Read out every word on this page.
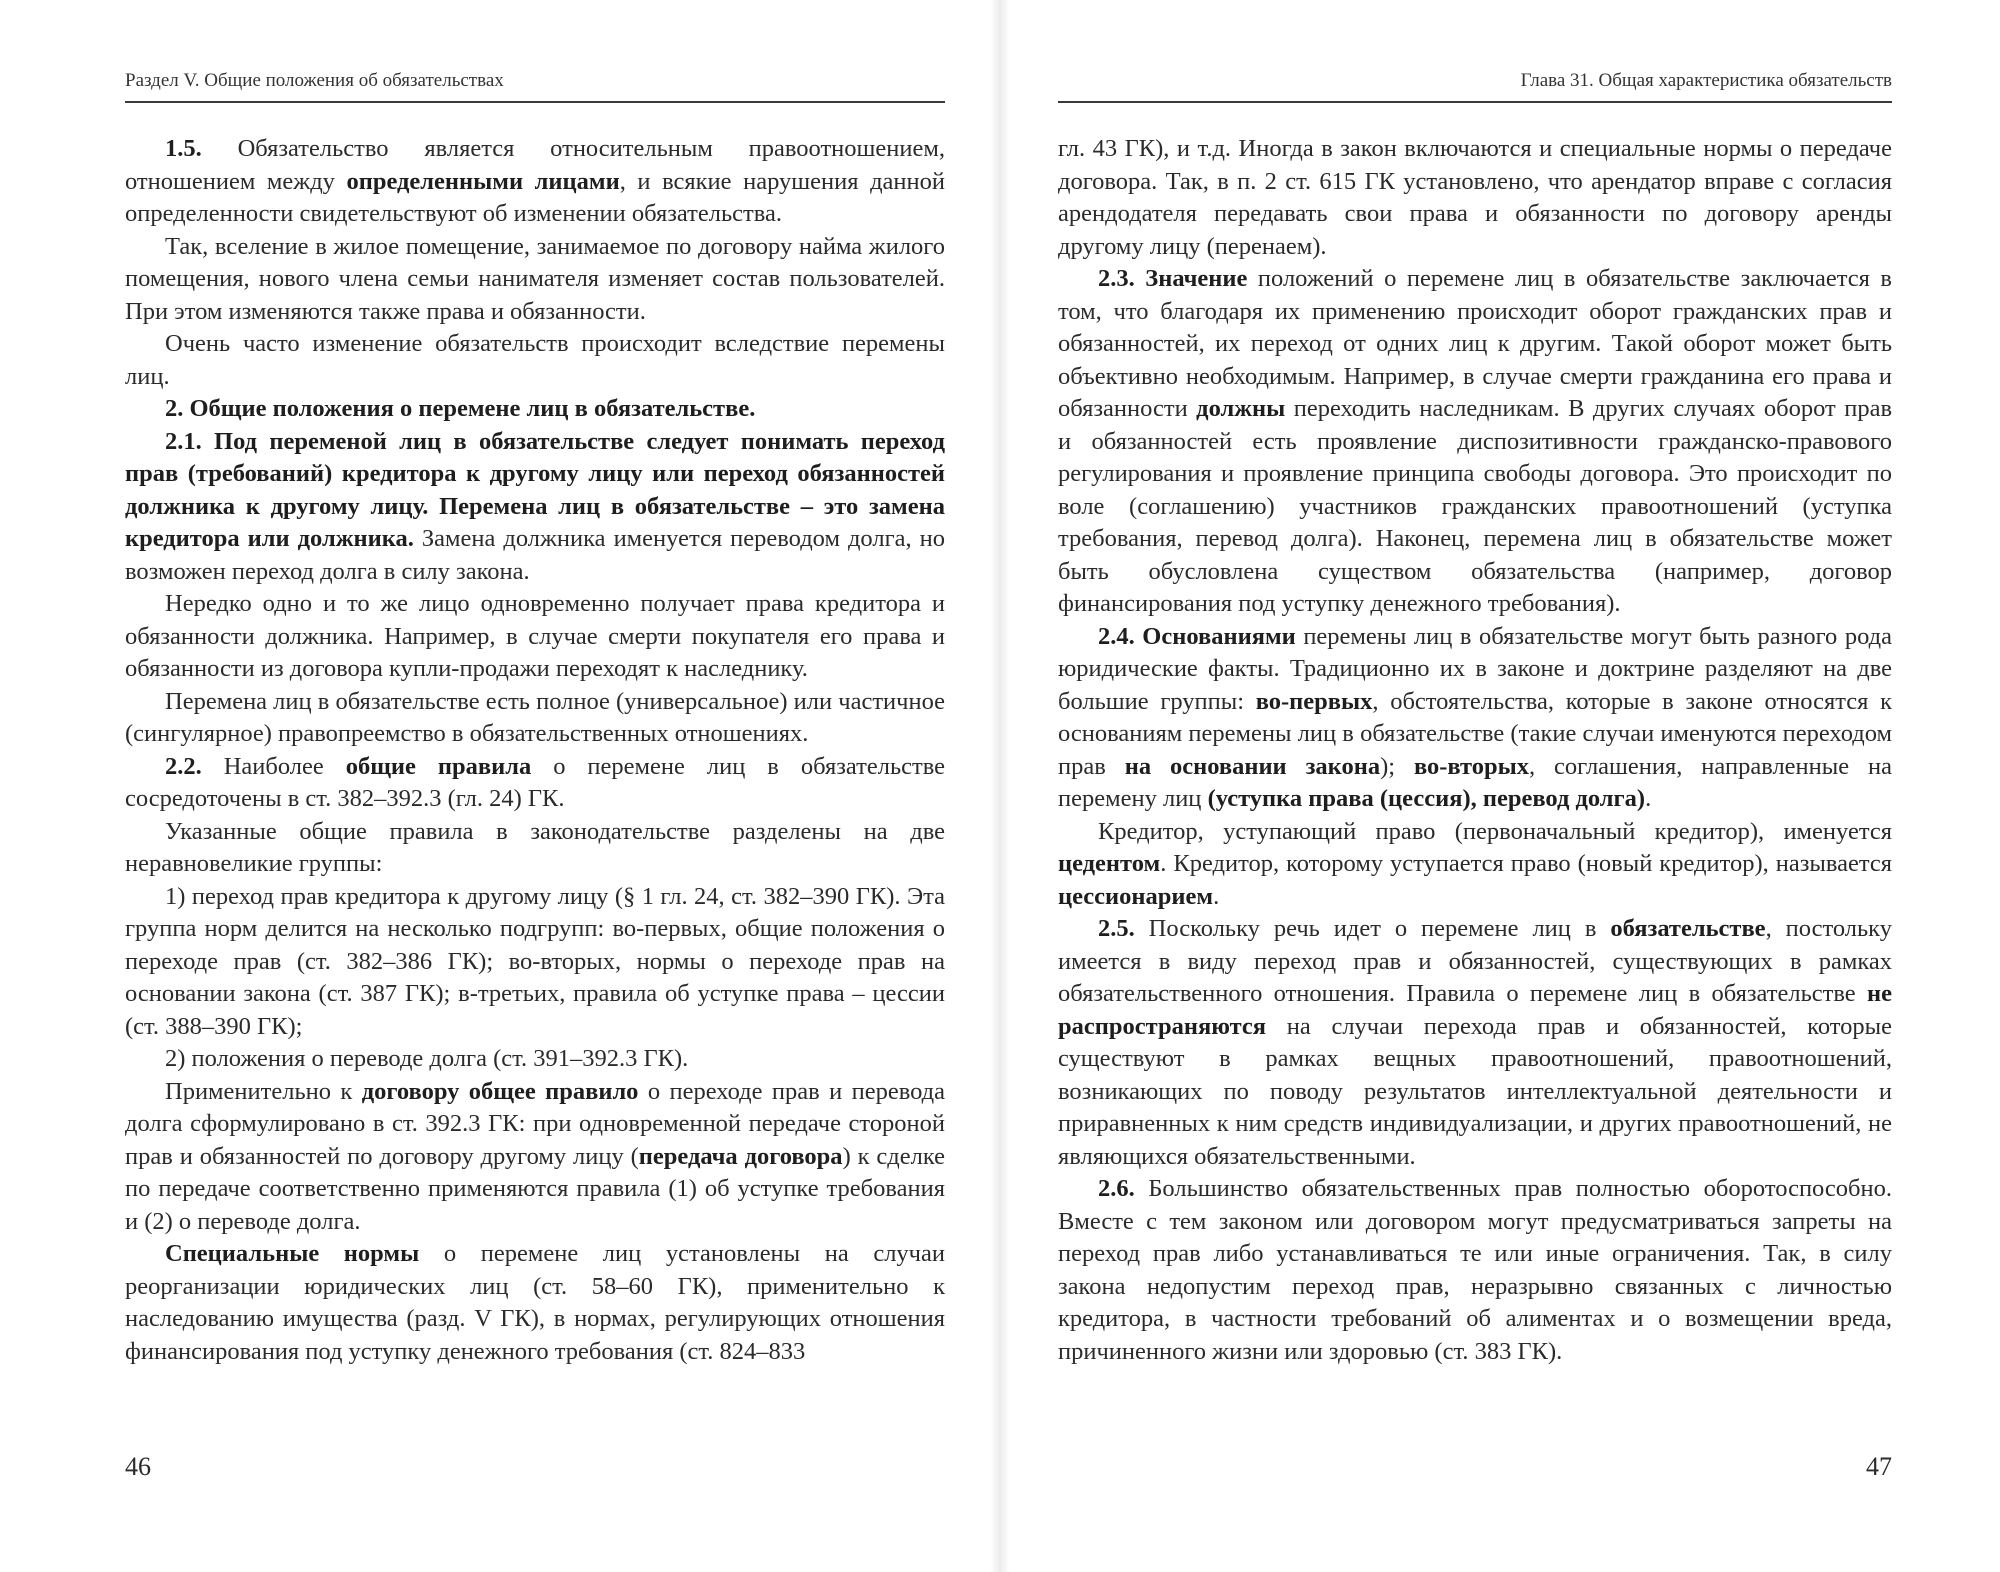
Раздел V. Общие положения об обязательствах

1.5. Обязательство является относительным правоотношением, отношением между определенными лицами, и всякие нарушения данной определенности свидетельствуют об изменении обязательства.

Так, вселение в жилое помещение, занимаемое по договору найма жилого помещения, нового члена семьи нанимателя изменяет состав пользователей. При этом изменяются также права и обязанности.

Очень часто изменение обязательств происходит вследствие перемены лиц.

2. Общие положения о перемене лиц в обязательстве.

2.1. Под переменой лиц в обязательстве следует понимать переход прав (требований) кредитора к другому лицу или переход обязанностей должника к другому лицу. Перемена лиц в обязательстве – это замена кредитора или должника. Замена должника именуется переводом долга, но возможен переход долга в силу закона.

Нередко одно и то же лицо одновременно получает права кредитора и обязанности должника. Например, в случае смерти покупателя его права и обязанности из договора купли-продажи переходят к наследнику.

Перемена лиц в обязательстве есть полное (универсальное) или частичное (сингулярное) правопреемство в обязательственных отношениях.

2.2. Наиболее общие правила о перемене лиц в обязательстве сосредоточены в ст. 382–392.3 (гл. 24) ГК.

Указанные общие правила в законодательстве разделены на две неравновеликие группы:

1) переход прав кредитора к другому лицу (§ 1 гл. 24, ст. 382–390 ГК). Эта группа норм делится на несколько подгрупп: во-первых, общие положения о переходе прав (ст. 382–386 ГК); во-вторых, нормы о переходе прав на основании закона (ст. 387 ГК); в-третьих, правила об уступке права – цессии (ст. 388–390 ГК);

2) положения о переводе долга (ст. 391–392.3 ГК).

Применительно к договору общее правило о переходе прав и перевода долга сформулировано в ст. 392.3 ГК: при одновременной передаче стороной прав и обязанностей по договору другому лицу (передача договора) к сделке по передаче соответственно применяются правила (1) об уступке требования и (2) о переводе долга.

Специальные нормы о перемене лиц установлены на случаи реорганизации юридических лиц (ст. 58–60 ГК), применительно к наследованию имущества (разд. V ГК), в нормах, регулирующих отношения финансирования под уступку денежного требования (ст. 824–833

46
Глава 31. Общая характеристика обязательств

гл. 43 ГК), и т.д. Иногда в закон включаются и специальные нормы о передаче договора. Так, в п. 2 ст. 615 ГК установлено, что арендатор вправе с согласия арендодателя передавать свои права и обязанности по договору аренды другому лицу (перенаем).

2.3. Значение положений о перемене лиц в обязательстве заключается в том, что благодаря их применению происходит оборот гражданских прав и обязанностей, их переход от одних лиц к другим. Такой оборот может быть объективно необходимым. Например, в случае смерти гражданина его права и обязанности должны переходить наследникам. В других случаях оборот прав и обязанностей есть проявление диспозитивности гражданско-правового регулирования и проявление принципа свободы договора. Это происходит по воле (соглашению) участников гражданских правоотношений (уступка требования, перевод долга). Наконец, перемена лиц в обязательстве может быть обусловлена существом обязательства (например, договор финансирования под уступку денежного требования).

2.4. Основаниями перемены лиц в обязательстве могут быть разного рода юридические факты. Традиционно их в законе и доктрине разделяют на две большие группы: во-первых, обстоятельства, которые в законе относятся к основаниям перемены лиц в обязательстве (такие случаи именуются переходом прав на основании закона); во-вторых, соглашения, направленные на перемену лиц (уступка права (цессия), перевод долга).

Кредитор, уступающий право (первоначальный кредитор), именуется цедентом. Кредитор, которому уступается право (новый кредитор), называется цессионарием.

2.5. Поскольку речь идет о перемене лиц в обязательстве, постольку имеется в виду переход прав и обязанностей, существующих в рамках обязательственного отношения. Правила о перемене лиц в обязательстве не распространяются на случаи перехода прав и обязанностей, которые существуют в рамках вещных правоотношений, правоотношений, возникающих по поводу результатов интеллектуальной деятельности и приравненных к ним средств индивидуализации, и других правоотношений, не являющихся обязательственными.

2.6. Большинство обязательственных прав полностью оборотоспособно. Вместе с тем законом или договором могут предусматриваться запреты на переход прав либо устанавливаться те или иные ограничения. Так, в силу закона недопустим переход прав, неразрывно связанных с личностью кредитора, в частности требований об алиментах и о возмещении вреда, причиненного жизни или здоровью (ст. 383 ГК).

47
